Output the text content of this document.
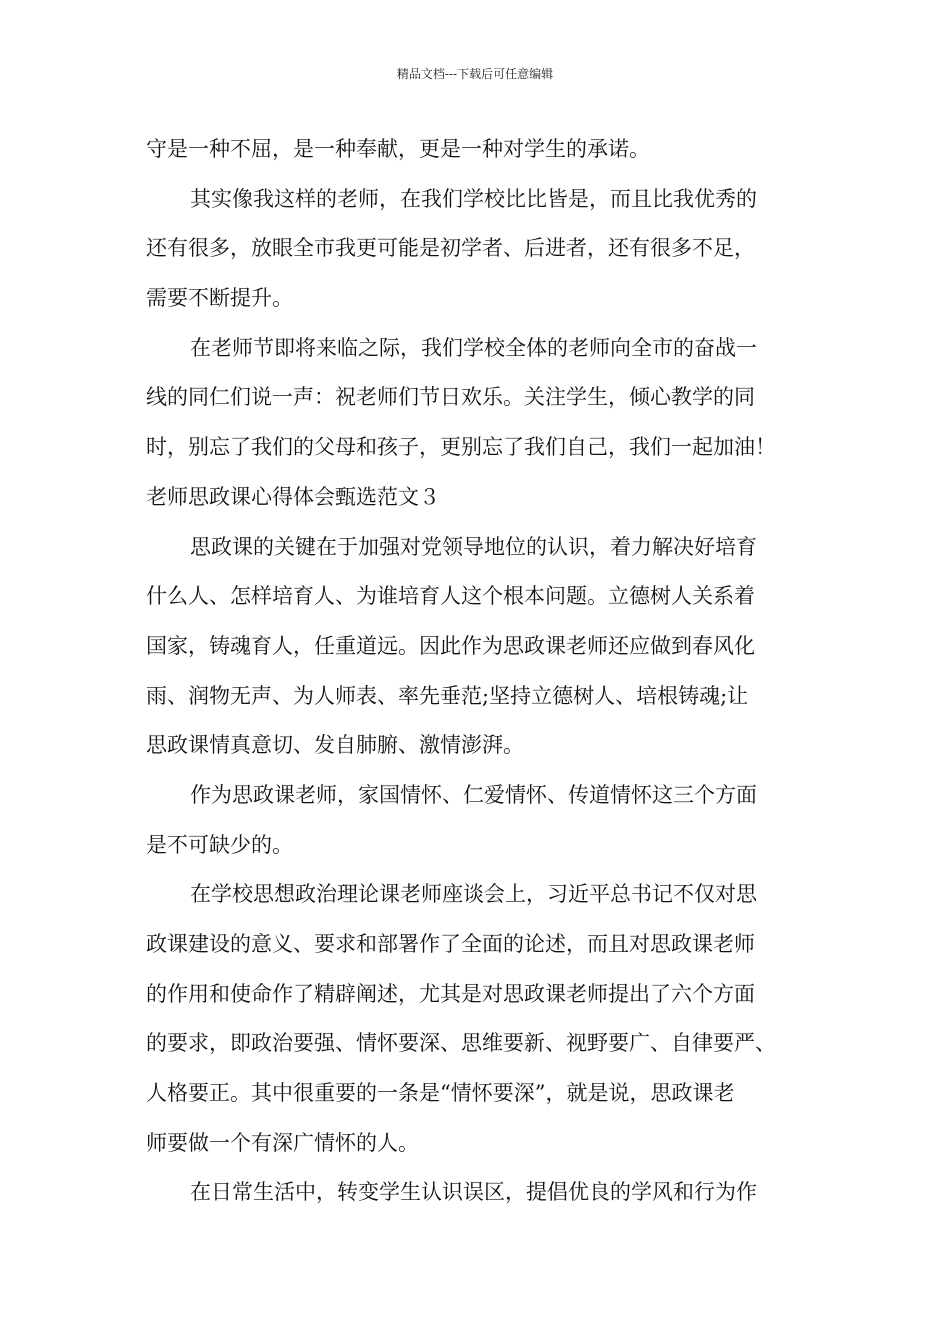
精品文档---下载后可任意编辑
守是一种不屈，是一种奉献，更是一种对学生的承诺。
其实像我这样的老师，在我们学校比比皆是，而且比我优秀的
还有很多，放眼全市我更可能是初学者、后进者，还有很多不足，
需要不断提升。
在老师节即将来临之际，我们学校全体的老师向全市的奋战一
线的同仁们说一声：祝老师们节日欢乐。关注学生，倾心教学的同
时，别忘了我们的父母和孩子，更别忘了我们自己，我们一起加油！
老师思政课心得体会甄选范文３
思政课的关键在于加强对党领导地位的认识，着力解决好培育
什么人、怎样培育人、为谁培育人这个根本问题。立德树人关系着
国家，铸魂育人，任重道远。因此作为思政课老师还应做到春风化
雨、润物无声、为人师表、率先垂范;坚持立德树人、培根铸魂;让
思政课情真意切、发自肺腑、激情澎湃。
作为思政课老师，家国情怀、仁爱情怀、传道情怀这三个方面
是不可缺少的。
在学校思想政治理论课老师座谈会上，习近平总书记不仅对思
政课建设的意义、要求和部署作了全面的论述，而且对思政课老师
的作用和使命作了精辟阐述，尤其是对思政课老师提出了六个方面
的要求，即政治要强、情怀要深、思维要新、视野要广、自律要严、
人格要正。其中很重要的一条是“情怀要深”，就是说，思政课老
师要做一个有深广情怀的人。
在日常生活中，转变学生认识误区，提倡优良的学风和行为作
